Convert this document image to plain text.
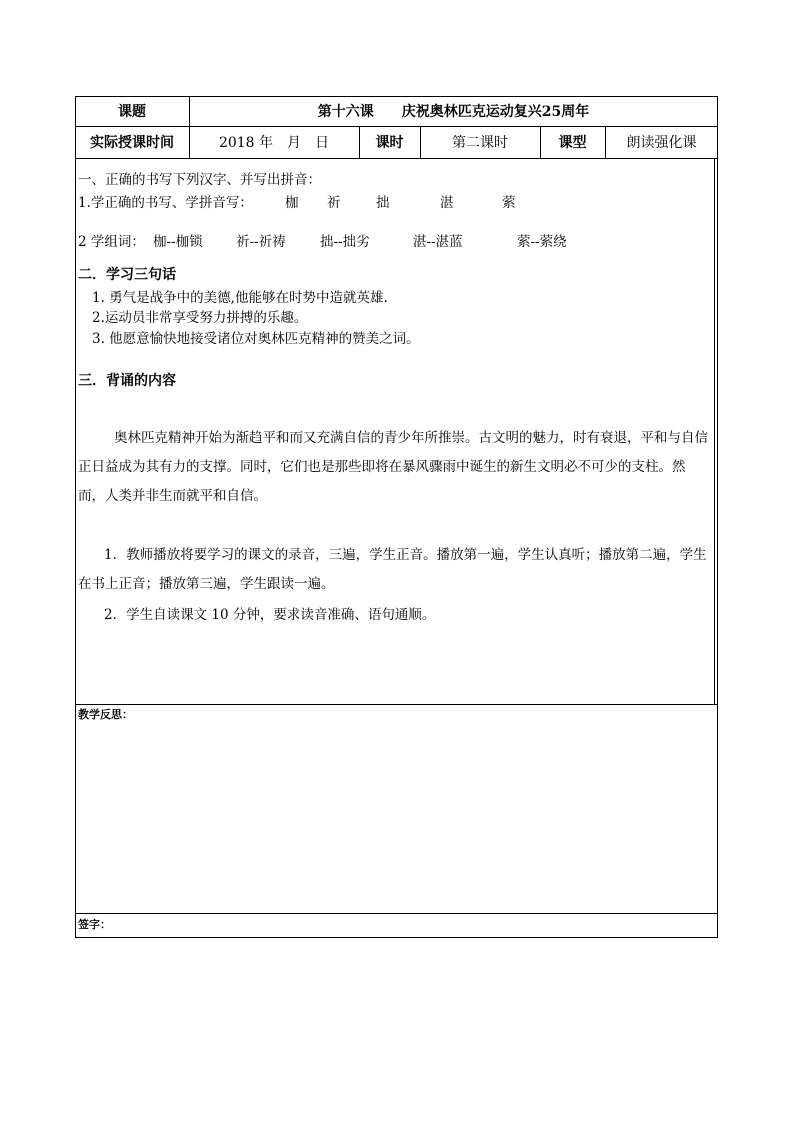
课题	第十六课　　庆祝奥林匹克运动复兴25周年
实际授课时间	2018 年　月　日	课时	第二课时	课型	朗读强化课
一、正确的书写下列汉字、并写出拼音：
1.学正确的书写、学拼音写： 枷 祈	拙	湛	萦
2 学组词： 枷--枷锁 祈--祈祷	拙--拙劣	湛--湛蓝	萦--萦绕
二．学习三句话
1. 勇气是战争中的美德,他能够在时势中造就英雄.
2.运动员非常享受努力拼搏的乐趣。
3. 他愿意愉快地接受诸位对奥林匹克精神的赞美之词。
三．背诵的内容
奥林匹克精神开始为渐趋平和而又充满自信的青少年所推崇。古文明的魅力，时有衰退，平和与自信正日益成为其有力的支撑。同时，它们也是那些即将在暴风骤雨中诞生的新生文明必不可少的支柱。然而，人类并非生而就平和自信。
1．教师播放将要学习的课文的录音，三遍，学生正音。播放第一遍，学生认真听；播放第二遍，学生在书上正音；播放第三遍，学生跟读一遍。
2．学生自读课文 10 分钟，要求读音准确、语句通顺。
教学反思：
签字：
